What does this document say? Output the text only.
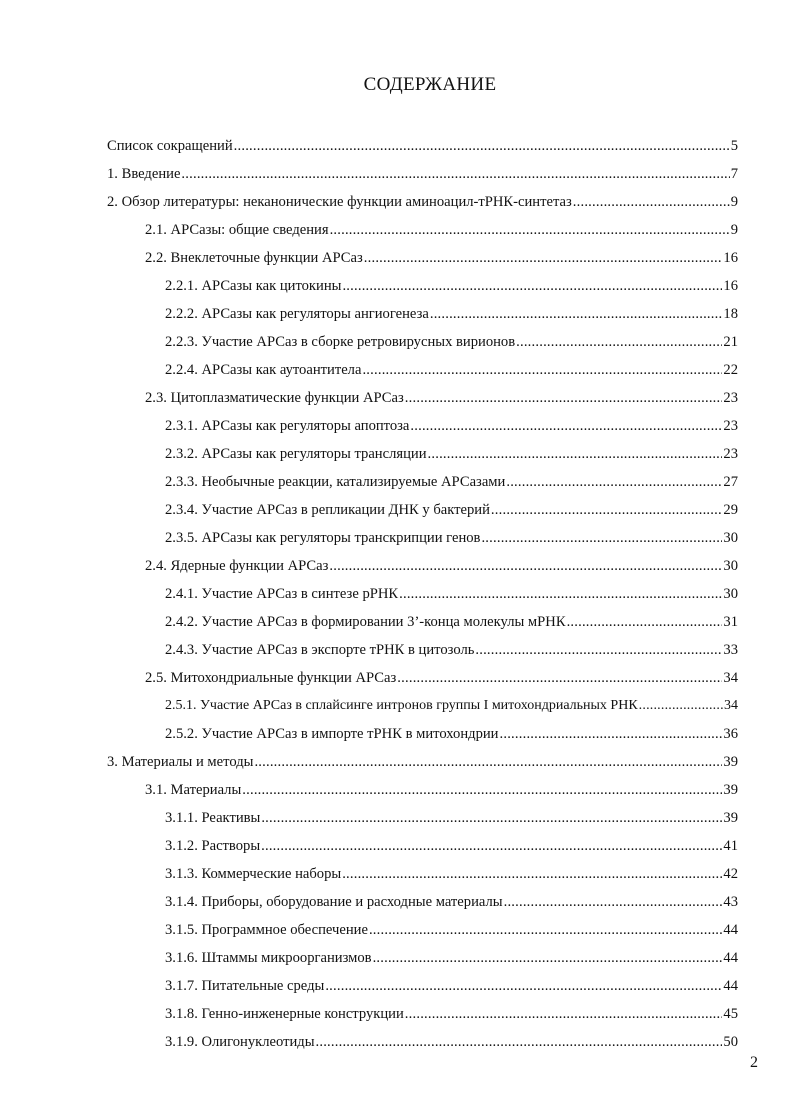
СОДЕРЖАНИЕ
Список сокращений .....	5
1. Введение .....	7
2. Обзор литературы: неканонические функции аминоацил-тРНК-синтетаз .....	9
2.1. АРСазы: общие сведения .....	9
2.2. Внеклеточные функции АРСаз .....	16
2.2.1. АРСазы как цитокины .....	16
2.2.2. АРСазы как регуляторы ангиогенеза .....	18
2.2.3. Участие АРСаз в сборке ретровирусных вирионов .....	21
2.2.4. АРСазы как аутоантитела .....	22
2.3. Цитоплазматические функции АРСаз .....	23
2.3.1. АРСазы как регуляторы апоптоза .....	23
2.3.2. АРСазы как регуляторы трансляции .....	23
2.3.3. Необычные реакции, катализируемые АРСазами .....	27
2.3.4. Участие АРСаз в репликации ДНК у бактерий .....	29
2.3.5. АРСазы как регуляторы транскрипции генов .....	30
2.4. Ядерные функции АРСаз .....	30
2.4.1. Участие АРСаз в синтезе рРНК .....	30
2.4.2. Участие АРСаз в формировании 3’-конца молекулы мРНК .....	31
2.4.3. Участие АРСаз в экспорте тРНК в цитозоль .....	33
2.5. Митохондриальные функции АРСаз .....	34
2.5.1. Участие АРСаз в сплайсинге интронов группы I митохондриальных РНК .....	34
2.5.2. Участие АРСаз в импорте тРНК в митохондрии .....	36
3. Материалы и методы .....	39
3.1. Материалы .....	39
3.1.1. Реактивы .....	39
3.1.2. Растворы .....	41
3.1.3. Коммерческие наборы .....	42
3.1.4. Приборы, оборудование и расходные материалы .....	43
3.1.5. Программное обеспечение .....	44
3.1.6. Штаммы микроорганизмов .....	44
3.1.7. Питательные среды .....	44
3.1.8. Генно-инженерные конструкции .....	45
3.1.9. Олигонуклеотиды .....	50
2
